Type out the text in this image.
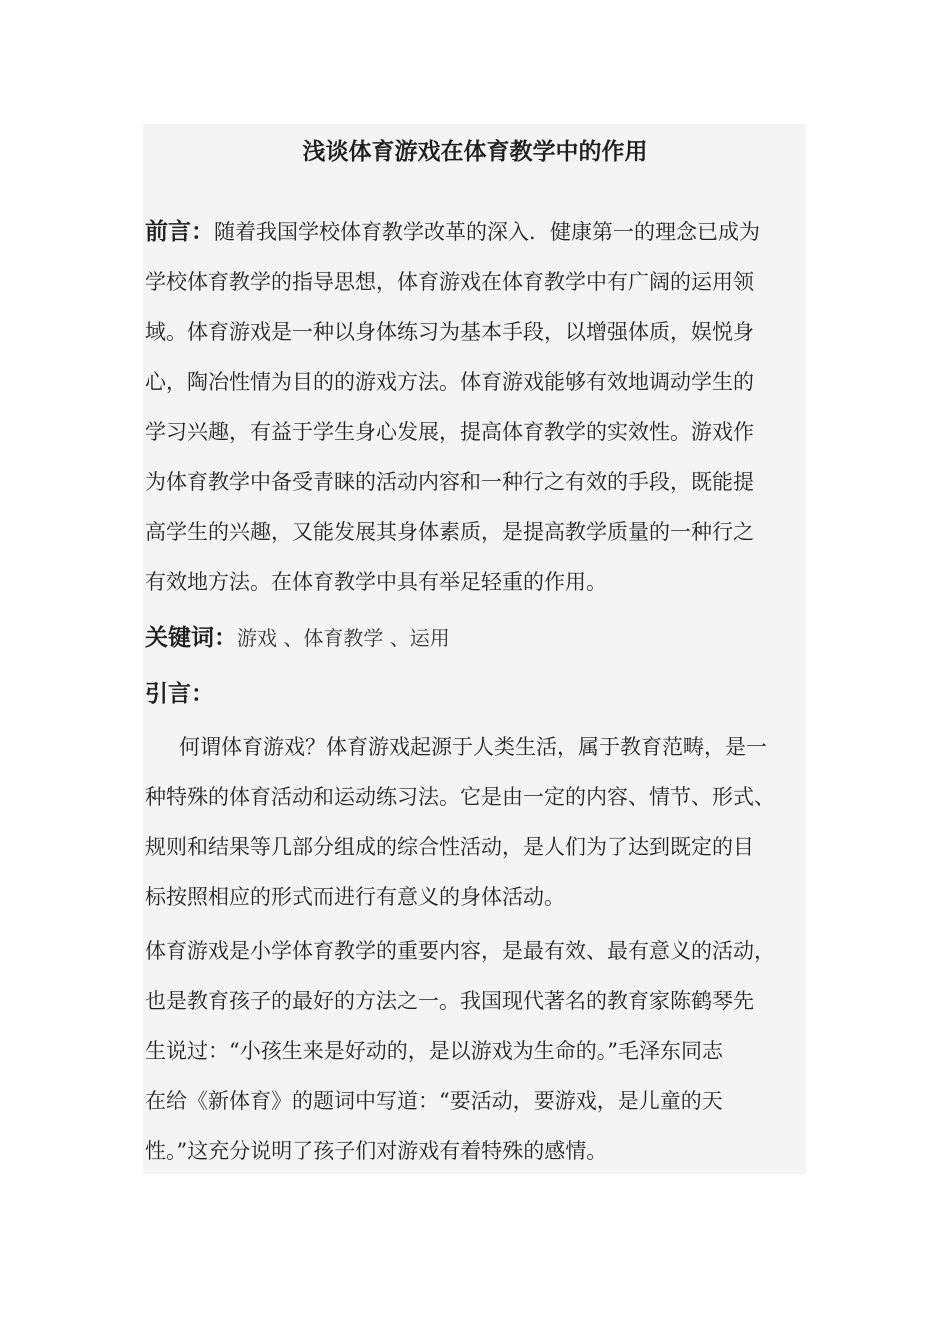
浅谈体育游戏在体育教学中的作用

前言：随着我国学校体育教学改革的深入．健康第一的理念已成为
学校体育教学的指导思想，体育游戏在体育教学中有广阔的运用领
域。体育游戏是一种以身体练习为基本手段，以增强体质，娱悦身
心，陶冶性情为目的的游戏方法。体育游戏能够有效地调动学生的
学习兴趣，有益于学生身心发展，提高体育教学的实效性。游戏作
为体育教学中备受青睐的活动内容和一种行之有效的手段，既能提
高学生的兴趣，又能发展其身体素质，是提高教学质量的一种行之
有效地方法。在体育教学中具有举足轻重的作用。

关键词：游戏 、体育教学 、运用

引言：

何谓体育游戏？体育游戏起源于人类生活，属于教育范畴，是一
种特殊的体育活动和运动练习法。它是由一定的内容、情节、形式、
规则和结果等几部分组成的综合性活动，是人们为了达到既定的目
标按照相应的形式而进行有意义的身体活动。

体育游戏是小学体育教学的重要内容，是最有效、最有意义的活动，
也是教育孩子的最好的方法之一。我国现代著名的教育家陈鹤琴先
生说过：“小孩生来是好动的，是以游戏为生命的。”毛泽东同志
在给《新体育》的题词中写道：“要活动，要游戏，是儿童的天
性。”这充分说明了孩子们对游戏有着特殊的感情。
